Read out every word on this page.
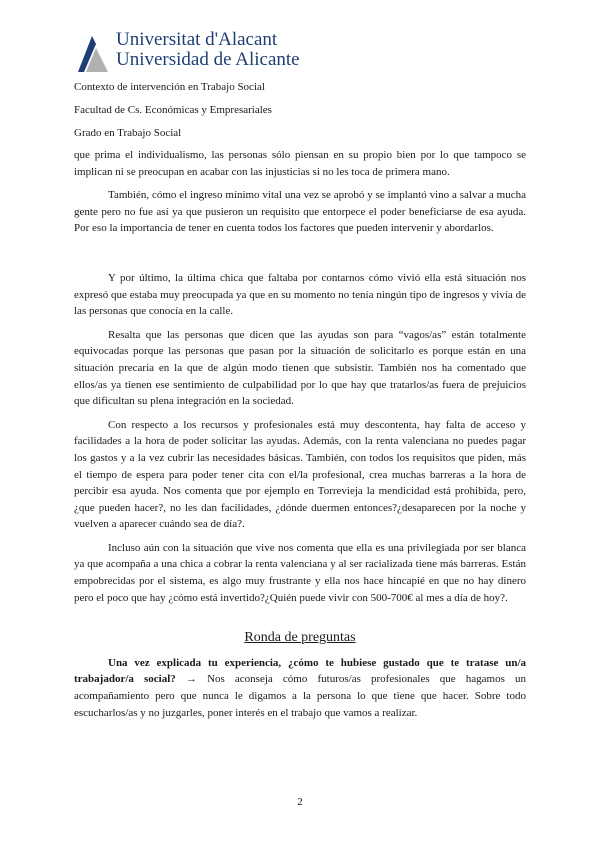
Universitat d'Alacant
Universidad de Alicante
Contexto de intervención en Trabajo Social
Facultad de Cs. Económicas y Empresariales
Grado en Trabajo Social

que prima el individualismo, las personas sólo piensan en su propio bien por lo que tampoco se implican ni se preocupan en acabar con las injusticias si no les toca de primera mano.

También, cómo el ingreso mínimo vital una vez se aprobó y se implantó vino a salvar a mucha gente pero no fue así ya que pusieron un requisito que entorpece el poder beneficiarse de esa ayuda. Por eso la importancia de tener en cuenta todos los factores que pueden intervenir y abordarlos.

Y por último, la última chica que faltaba por contarnos cómo vivió ella está situación nos expresó que estaba muy preocupada ya que en su momento no tenía ningún tipo de ingresos y vivía de las personas que conocía en la calle.

Resalta que las personas que dicen que las ayudas son para “vagos/as” están totalmente equivocadas porque las personas que pasan por la situación de solicitarlo es porque están en una situación precaria en la que de algún modo tienen que subsistir. También nos ha comentado que ellos/as ya tienen ese sentimiento de culpabilidad por lo que hay que tratarlos/as fuera de prejuicios que dificultan su plena integración en la sociedad.

Con respecto a los recursos y profesionales está muy descontenta, hay falta de acceso y facilidades a la hora de poder solicitar las ayudas. Además, con la renta valenciana no puedes pagar los gastos y a la vez cubrir las necesidades básicas. También, con todos los requisitos que piden, más el tiempo de espera para poder tener cita con el/la profesional, crea muchas barreras a la hora de percibir esa ayuda. Nos comenta que por ejemplo en Torrevieja la mendicidad está prohibida, pero, ¿que pueden hacer?, no les dan facilidades, ¿dónde duermen entonces?¿desaparecen por la noche y vuelven a aparecer cuándo sea de día?.

Incluso aún con la situación que vive nos comenta que ella es una privilegiada por ser blanca ya que acompaña a una chica a cobrar la renta valenciana y al ser racializada tiene más barreras. Están empobrecidas por el sistema, es algo muy frustrante y ella nos hace hincapié en que no hay dinero pero el poco que hay ¿cómo está invertido?¿Quién puede vivir con 500-700€ al mes a día de hoy?.

Ronda de preguntas

Una vez explicada tu experiencia, ¿cómo te hubiese gustado que te tratase un/a trabajador/a social? → Nos aconseja cómo futuros/as profesionales que hagamos un acompañamiento pero que nunca le digamos a la persona lo que tiene que hacer. Sobre todo escucharlos/as y no juzgarles, poner interés en el trabajo que vamos a realizar.

2
